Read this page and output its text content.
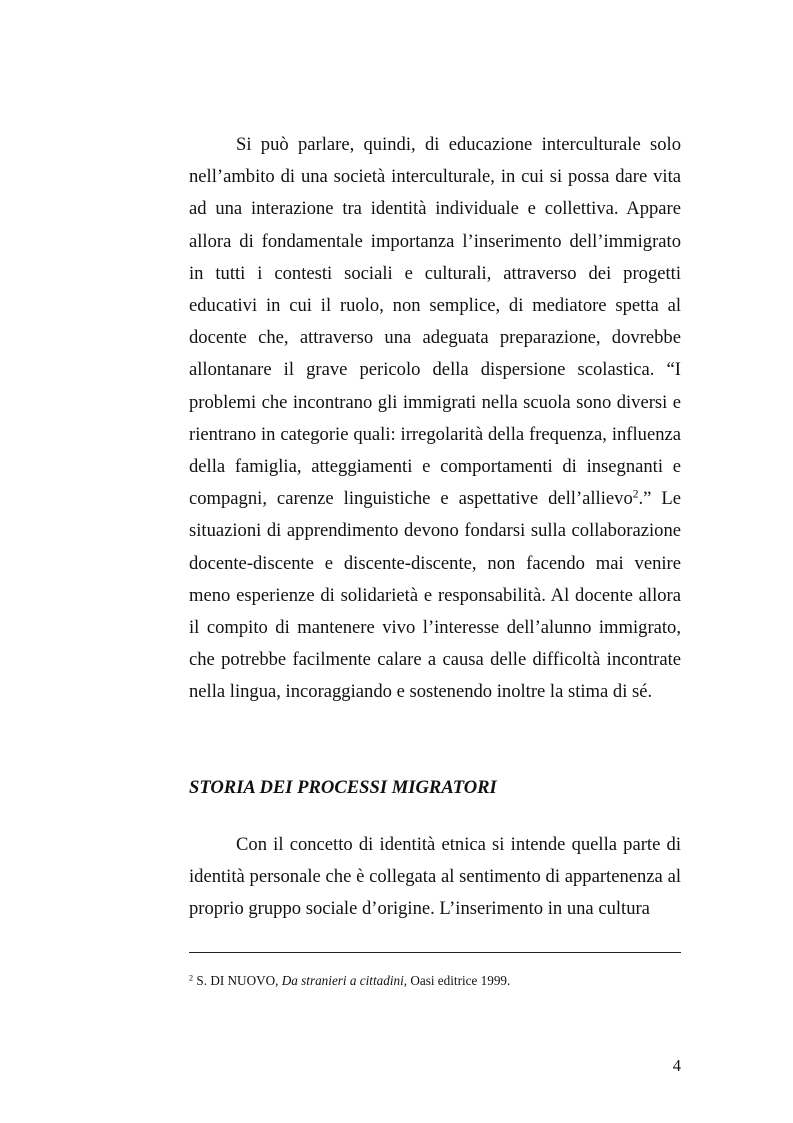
Si può parlare, quindi, di educazione interculturale solo nell’ambito di una società interculturale, in cui si possa dare vita ad una interazione tra identità individuale e collettiva. Appare allora di fondamentale importanza l’inserimento dell’immigrato in tutti i contesti sociali e culturali, attraverso dei progetti educativi in cui il ruolo, non semplice, di mediatore spetta al docente che, attraverso una adeguata preparazione, dovrebbe allontanare il grave pericolo della dispersione scolastica. “I problemi che incontrano gli immigrati nella scuola sono diversi e rientrano in categorie quali: irregolarità della frequenza, influenza della famiglia, atteggiamenti e comportamenti di insegnanti e compagni, carenze linguistiche e aspettative dell’allievo$^2$.” Le situazioni di apprendimento devono fondarsi sulla collaborazione docente-discente e discente-discente, non facendo mai venire meno esperienze di solidarietà e responsabilità. Al docente allora il compito di mantenere vivo l’interesse dell’alunno immigrato, che potrebbe facilmente calare a causa delle difficoltà incontrate nella lingua, incoraggiando e sostenendo inoltre la stima di sé.

STORIA DEI PROCESSI MIGRATORI

Con il concetto di identità etnica si intende quella parte di identità personale che è collegata al sentimento di appartenenza al proprio gruppo sociale d’origine. L’inserimento in una cultura

$^2$ S. DI NUOVO, Da stranieri a cittadini, Oasi editrice 1999.

4
